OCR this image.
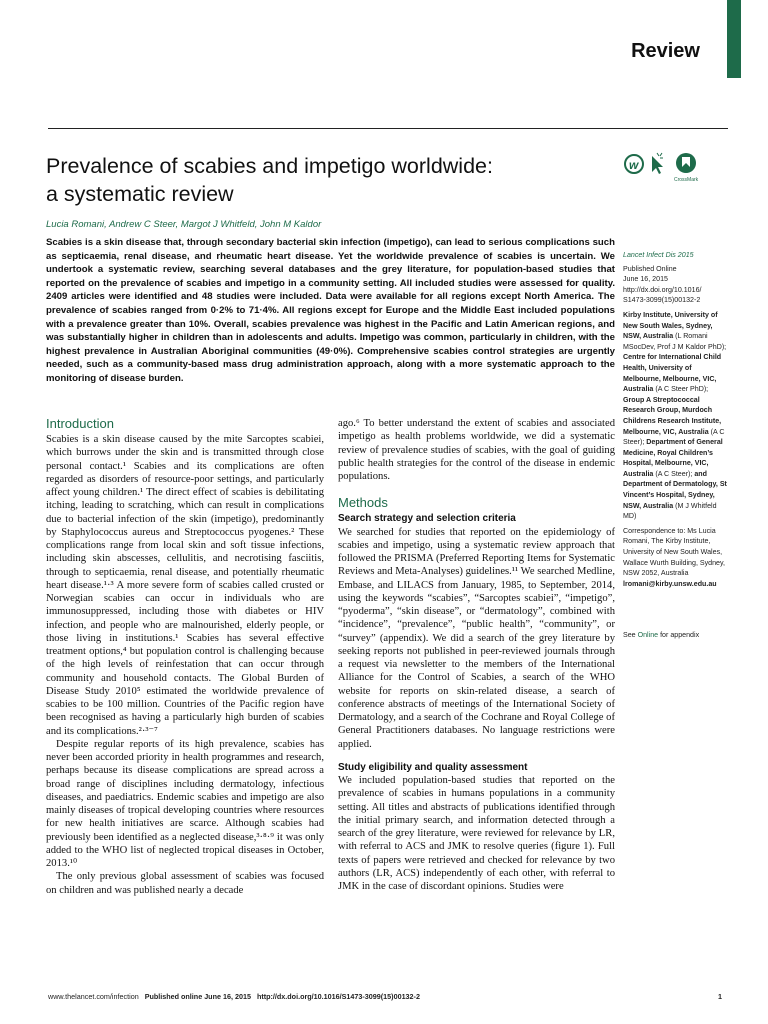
Review
Prevalence of scabies and impetigo worldwide:
a systematic review
w
CrossMark
Lucia Romani, Andrew C Steer, Margot J Whitfeld, John M Kaldor
Scabies is a skin disease that, through secondary bacterial skin infection (impetigo), can lead to serious complications such as septicaemia, renal disease, and rheumatic heart disease. Yet the worldwide prevalence of scabies is uncertain. We undertook a systematic review, searching several databases and the grey literature, for population-based studies that reported on the prevalence of scabies and impetigo in a community setting. All included studies were assessed for quality. 2409 articles were identified and 48 studies were included. Data were available for all regions except North America. The prevalence of scabies ranged from 0·2% to 71·4%. All regions except for Europe and the Middle East included populations with a prevalence greater than 10%. Overall, scabies prevalence was highest in the Pacific and Latin American regions, and was substantially higher in children than in adolescents and adults. Impetigo was common, particularly in children, with the highest prevalence in Australian Aboriginal communities (49·0%). Comprehensive scabies control strategies are urgently needed, such as a community-based mass drug administration approach, along with a more systematic approach to the monitoring of disease burden.
Introduction

Scabies is a skin disease caused by the mite Sarcoptes scabiei, which burrows under the skin and is transmitted through close personal contact.¹ Scabies and its complications are often regarded as disorders of resource-poor settings, and particularly affect young children.¹ The direct effect of scabies is debilitating itching, leading to scratching, which can result in complications due to bacterial infection of the skin (impetigo), predominantly by Staphylococcus aureus and Streptococcus pyogenes.² These complications range from local skin and soft tissue infections, including skin abscesses, cellulitis, and necrotising fasciitis, through to septicaemia, renal disease, and potentially rheumatic heart disease.¹·³ A more severe form of scabies called crusted or Norwegian scabies can occur in individuals who are immunosuppressed, including those with diabetes or HIV infection, and people who are malnourished, elderly people, or those living in institutions.¹ Scabies has several effective treatment options,⁴ but population control is challenging because of the high levels of reinfestation that can occur through community and household contacts. The Global Burden of Disease Study 2010⁵ estimated the worldwide prevalence of scabies to be 100 million. Countries of the Pacific region have been recognised as having a particularly high burden of scabies and its complications.²·³⁻⁷

Despite regular reports of its high prevalence, scabies has never been accorded priority in health programmes and research, perhaps because its disease complications are spread across a broad range of disciplines including dermatology, infectious diseases, and paediatrics. Endemic scabies and impetigo are also mainly diseases of tropical developing countries where resources for new health initiatives are scarce. Although scabies had previously been identified as a neglected disease,³·⁸·⁹ it was only added to the WHO list of neglected tropical diseases in October, 2013.¹⁰

The only previous global assessment of scabies was focused on children and was published nearly a decade

ago.⁶ To better understand the extent of scabies and associated impetigo as health problems worldwide, we did a systematic review of prevalence studies of scabies, with the goal of guiding public health strategies for the control of the disease in endemic populations.

Methods
Search strategy and selection criteria

We searched for studies that reported on the epidemiology of scabies and impetigo, using a systematic review approach that followed the PRISMA (Preferred Reporting Items for Systematic Reviews and Meta-Analyses) guidelines.¹¹ We searched Medline, Embase, and LILACS from January, 1985, to September, 2014, using the keywords “scabies”, “Sarcoptes scabiei”, “impetigo”, “pyoderma”, “skin disease”, or “dermatology”, combined with “incidence”, “prevalence”, “public health”, “community”, or “survey” (appendix). We did a search of the grey literature by seeking reports not published in peer-reviewed journals through a request via newsletter to the members of the International Alliance for the Control of Scabies, a search of the WHO website for reports on skin-related disease, a search of conference abstracts of meetings of the International Society of Dermatology, and a search of the Cochrane and Royal College of General Practitioners databases. No language restrictions were applied.

Study eligibility and quality assessment

We included population-based studies that reported on the prevalence of scabies in humans populations in a community setting. All titles and abstracts of publications identified through the initial primary search, and information detected through a search of the grey literature, were reviewed for relevance by LR, with referral to ACS and JMK to resolve queries (figure 1). Full texts of papers were retrieved and checked for relevance by two authors (LR, ACS) independently of each other, with referral to JMK in the case of discordant opinions. Studies were

Lancet Infect Dis 2015
Published Online
June 16, 2015
http://dx.doi.org/10.1016/
S1473-3099(15)00132-2
Kirby Institute, University of New South Wales, Sydney, NSW, Australia (L Romani MSocDev, Prof J M Kaldor PhD); Centre for International Child Health, University of Melbourne, Melbourne, VIC, Australia (A C Steer PhD); Group A Streptococcal Research Group, Murdoch Childrens Research Institute, Melbourne, VIC, Australia (A C Steer); Department of General Medicine, Royal Children’s Hospital, Melbourne, VIC, Australia (A C Steer); and Department of Dermatology, St Vincent’s Hospital, Sydney, NSW, Australia (M J Whitfeld MD)
Correspondence to: Ms Lucia Romani, The Kirby Institute, University of New South Wales, Wallace Wurth Building, Sydney, NSW 2052, Australia
lromani@kirby.unsw.edu.au
See Online for appendix
www.thelancet.com/infection Published online June 16, 2015 http://dx.doi.org/10.1016/S1473-3099(15)00132-2	1
